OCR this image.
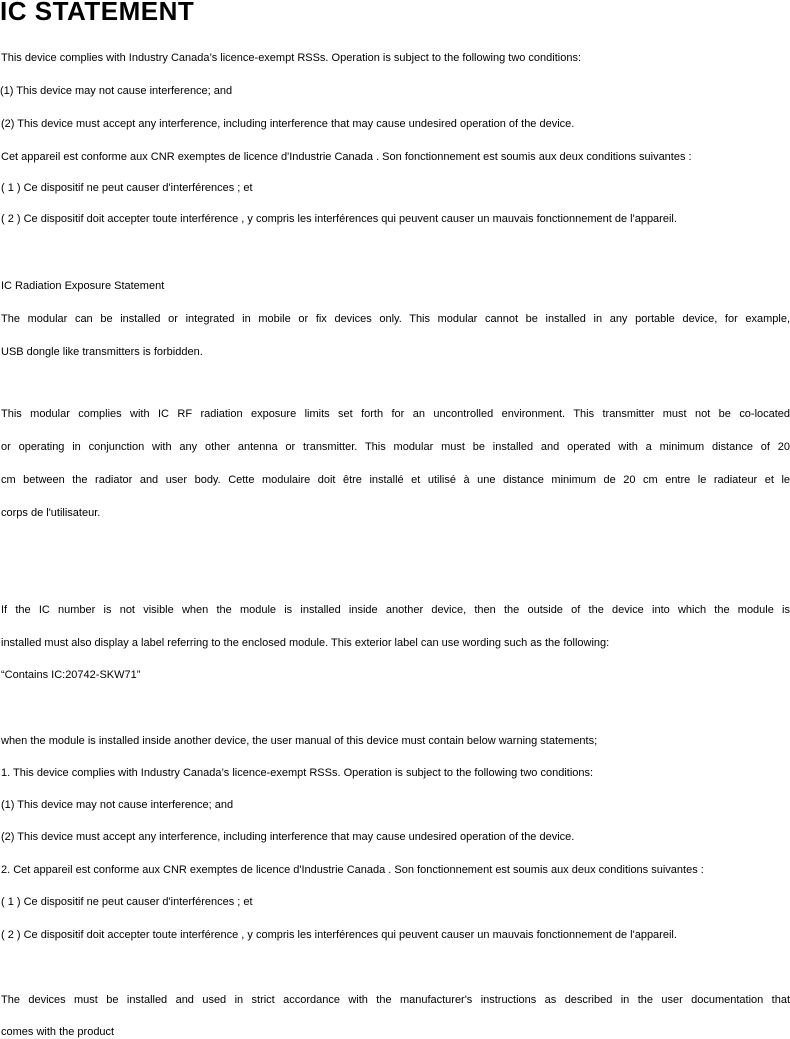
IC STATEMENT
This device complies with Industry Canada’s licence-exempt RSSs. Operation is subject to the following two conditions:
(1) This device may not cause interference; and
(2) This device must accept any interference, including interference that may cause undesired operation of the device.
Cet appareil est conforme aux CNR exemptes de licence d'Industrie Canada . Son fonctionnement est soumis aux deux conditions suivantes :
( 1 ) Ce dispositif ne peut causer d'interférences ; et
( 2 ) Ce dispositif doit accepter toute interférence , y compris les interférences qui peuvent causer un mauvais fonctionnement de l'appareil.
IC Radiation Exposure Statement
The modular can be installed or integrated in mobile or fix devices only. This modular cannot be installed in any portable device, for example,
USB dongle like transmitters is forbidden.
This modular complies with IC RF radiation exposure limits set forth for an uncontrolled environment. This transmitter must not be co-located
or operating in conjunction with any other antenna or transmitter. This modular must be installed and operated with a minimum distance of 20
cm between the radiator and user body. Cette modulaire doit être installé et utilisé à une distance minimum de 20 cm entre le radiateur et le
corps de l'utilisateur.
If the IC number is not visible when the module is installed inside another device, then the outside of the device into which the module is
installed must also display a label referring to the enclosed module. This exterior label can use wording such as the following:
“Contains IC:20742-SKW71”
when the module is installed inside another device, the user manual of this device must contain below warning statements;
1. This device complies with Industry Canada’s licence-exempt RSSs. Operation is subject to the following two conditions:
(1) This device may not cause interference; and
(2) This device must accept any interference, including interference that may cause undesired operation of the device.
2. Cet appareil est conforme aux CNR exemptes de licence d'Industrie Canada . Son fonctionnement est soumis aux deux conditions suivantes :
( 1 ) Ce dispositif ne peut causer d'interférences ; et
( 2 ) Ce dispositif doit accepter toute interférence , y compris les interférences qui peuvent causer un mauvais fonctionnement de l'appareil.
The devices must be installed and used in strict accordance with the manufacturer's instructions as described in the user documentation that
comes with the product
